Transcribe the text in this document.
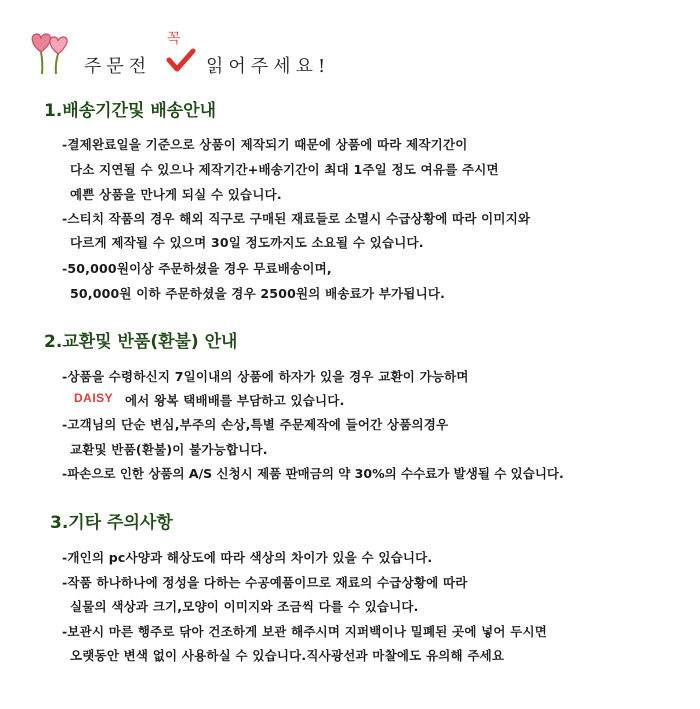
주문전
꼭
읽어주세요!
1.배송기간및 배송안내
-결제완료일을 기준으로 상품이 제작되기 때문에 상품에 따라 제작기간이
다소 지연될 수 있으나 제작기간+배송기간이 최대 1주일 정도 여유를 주시면
예쁜 상품을 만나게 되실 수 있습니다.
-스티치 작품의 경우 해외 직구로 구매된 재료들로 소멸시 수급상황에 따라 이미지와
다르게 제작될 수 있으며 30일 정도까지도 소요될 수 있습니다.
-50,000원이상 주문하셨을 경우 무료배송이며,
50,000원 이하 주문하셨을 경우 2500원의 배송료가 부가됩니다.
2.교환및 반품(환불) 안내
-상품을 수령하신지 7일이내의 상품에 하자가 있을 경우 교환이 가능하며
DAISY 에서 왕복 택배배를 부담하고 있습니다.
-고객님의 단순 변심,부주의 손상,특별 주문제작에 들어간 상품의경우
교환및 반품(환불)이 불가능합니다.
-파손으로 인한 상품의 A/S 신청시 제품 판매금의 약 30%의 수수료가 발생될 수 있습니다.
3.기타 주의사항
-개인의 pc사양과 해상도에 따라 색상의 차이가 있을 수 있습니다.
-작품 하나하나에 정성을 다하는 수공예품이므로 재료의 수급상황에 따라
실물의 색상과 크기,모양이 이미지와 조금씩 다를 수 있습니다.
-보관시 마른 행주로 닦아 건조하게 보관 해주시며 지퍼백이나 밀폐된 곳에 넣어 두시면
오랫동안 변색 없이 사용하실 수 있습니다.직사광선과 마찰에도 유의해 주세요
